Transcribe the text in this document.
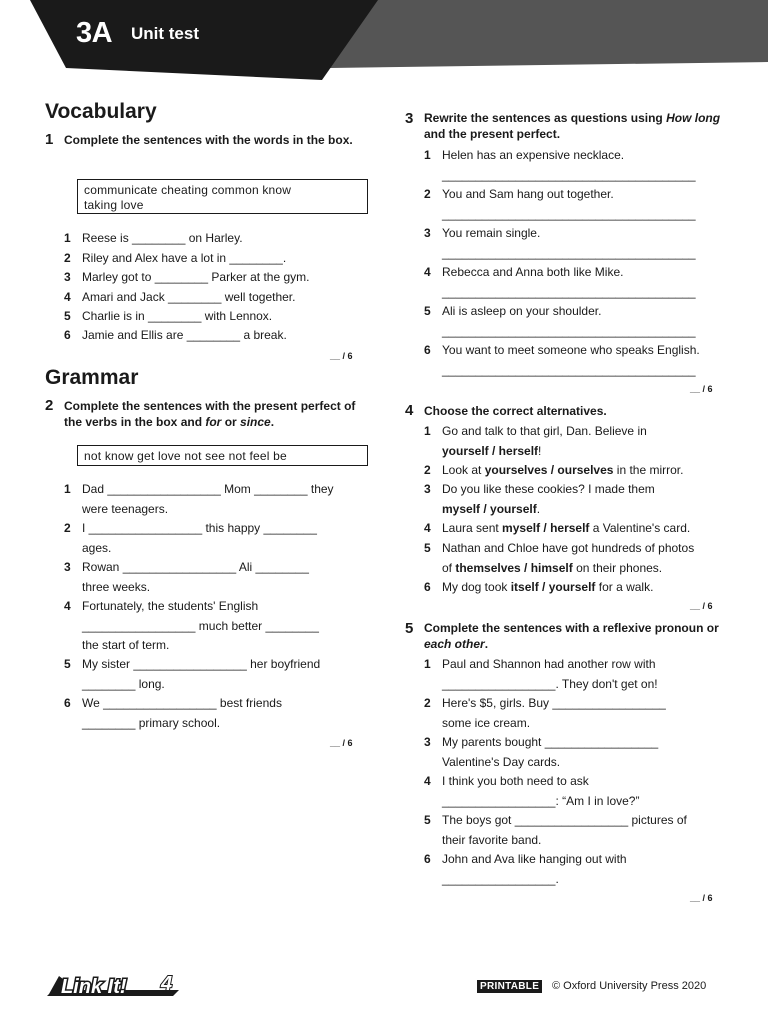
3A Unit test
Vocabulary
1 Complete the sentences with the words in the box.
communicate cheating common know
taking love
1 Reese is ________ on Harley.
2 Riley and Alex have a lot in ________.
3 Marley got to ________ Parker at the gym.
4 Amari and Jack ________ well together.
5 Charlie is in ________ with Lennox.
6 Jamie and Ellis are ________ a break.
__ / 6
Grammar
2 Complete the sentences with the present perfect of the verbs in the box and for or since.
not know get love not see not feel be
1 Dad _________________ Mom ________ they
were teenagers.
2 I _________________ this happy ________
ages.
3 Rowan _________________ Ali ________
three weeks.
4 Fortunately, the students' English
_________________ much better ________
the start of term.
5 My sister _________________ her boyfriend
________ long.
6 We _________________ best friends
________ primary school.
__ / 6
3 Rewrite the sentences as questions using How long and the present perfect.
1 Helen has an expensive necklace.
______________________________________
2 You and Sam hang out together.
______________________________________
3 You remain single.
______________________________________
4 Rebecca and Anna both like Mike.
______________________________________
5 Ali is asleep on your shoulder.
______________________________________
6 You want to meet someone who speaks English.
______________________________________
__ / 6
4 Choose the correct alternatives.
1 Go and talk to that girl, Dan. Believe in
yourself / herself!
2 Look at yourselves / ourselves in the mirror.
3 Do you like these cookies? I made them
myself / yourself.
4 Laura sent myself / herself a Valentine's card.
5 Nathan and Chloe have got hundreds of photos
of themselves / himself on their phones.
6 My dog took itself / yourself for a walk.
__ / 6
5 Complete the sentences with a reflexive pronoun or each other.
1 Paul and Shannon had another row with
_________________. They don't get on!
2 Here's $5, girls. Buy _________________
some ice cream.
3 My parents bought _________________
Valentine's Day cards.
4 I think you both need to ask
_________________: “Am I in love?”
5 The boys got _________________ pictures of
their favorite band.
6 John and Ava like hanging out with
_________________.
__ / 6
Link It! 4	PRINTABLE © Oxford University Press 2020
